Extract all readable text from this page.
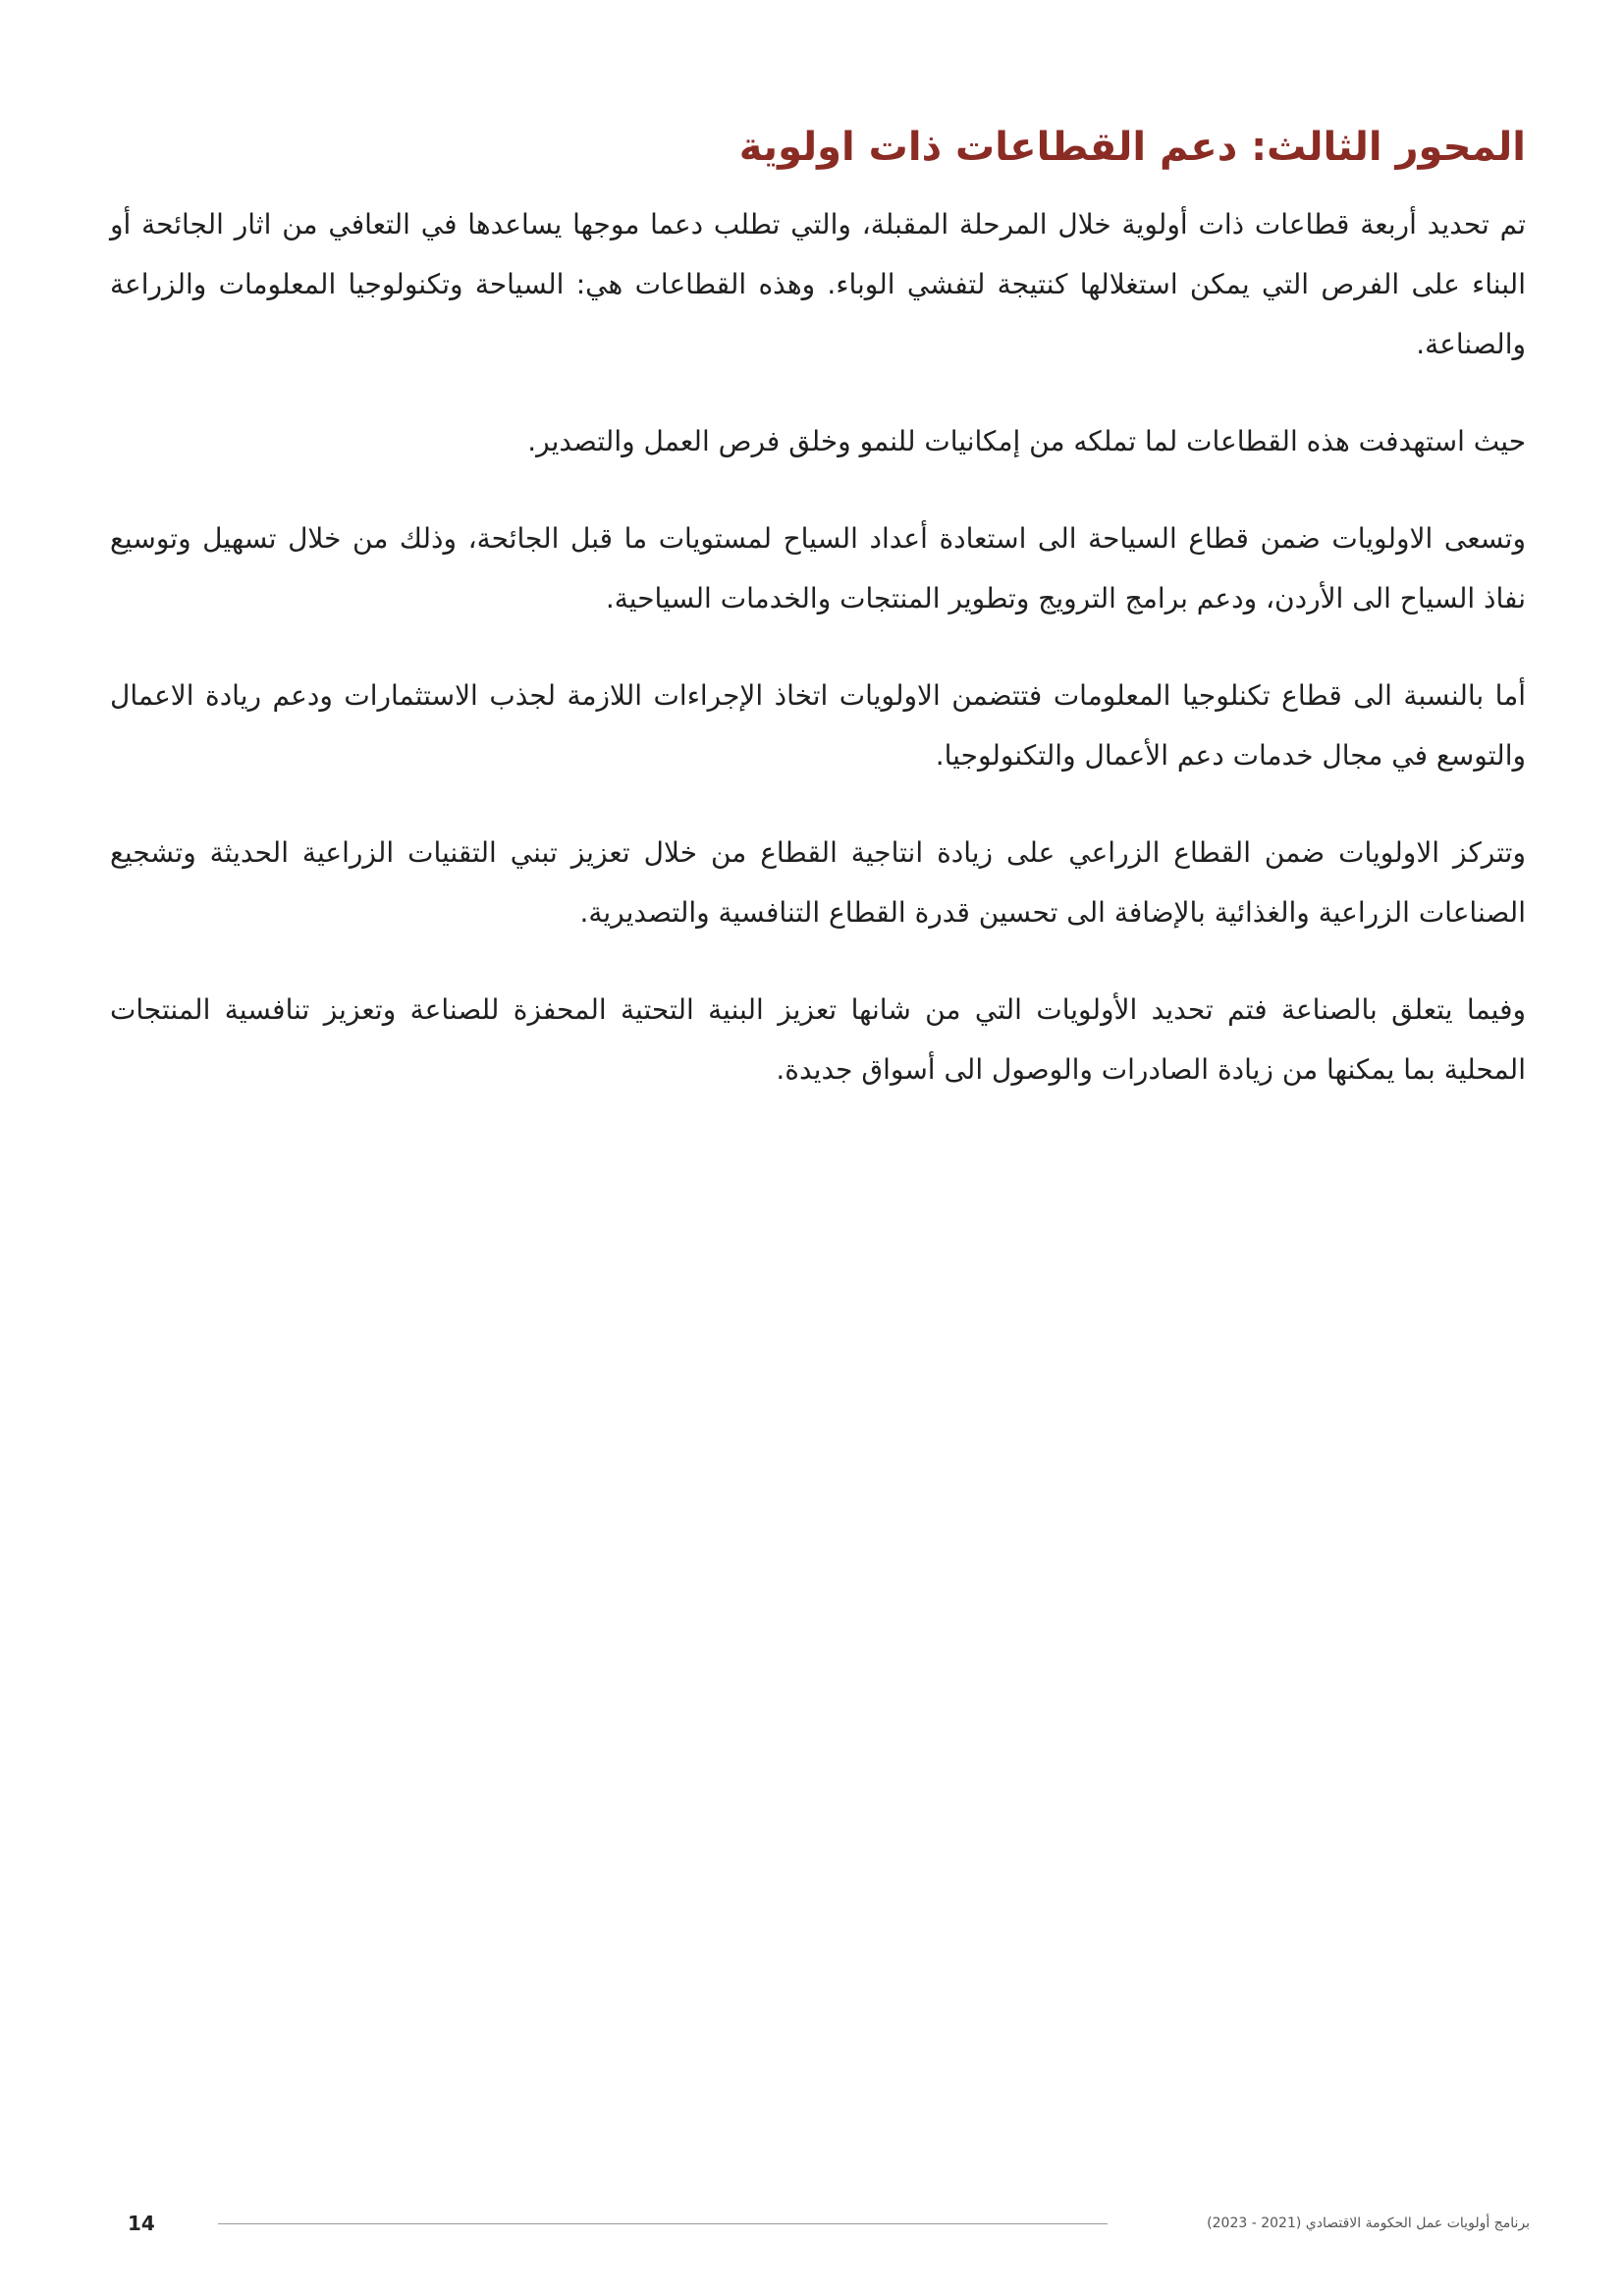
المحور الثالث: دعم القطاعات ذات اولوية

تم تحديد أربعة قطاعات ذات أولوية خلال المرحلة المقبلة، والتي تطلب دعما موجها يساعدها في التعافي من اثار الجائحة أو البناء على الفرص التي يمكن استغلالها كنتيجة لتفشي الوباء. وهذه القطاعات هي: السياحة وتكنولوجيا المعلومات والزراعة والصناعة.

حيث استهدفت هذه القطاعات لما تملكه من إمكانيات للنمو وخلق فرص العمل والتصدير.

وتسعى الاولويات ضمن قطاع السياحة الى استعادة أعداد السياح لمستويات ما قبل الجائحة، وذلك من خلال تسهيل وتوسيع نفاذ السياح الى الأردن، ودعم برامج الترويج وتطوير المنتجات والخدمات السياحية.

أما بالنسبة الى قطاع تكنلوجيا المعلومات فتتضمن الاولويات اتخاذ الإجراءات اللازمة لجذب الاستثمارات ودعم ريادة الاعمال والتوسع في مجال خدمات دعم الأعمال والتكنولوجيا.

وتتركز الاولويات ضمن القطاع الزراعي على زيادة انتاجية القطاع من خلال تعزيز تبني التقنيات الزراعية الحديثة وتشجيع الصناعات الزراعية والغذائية بالإضافة الى تحسين قدرة القطاع التنافسية والتصديرية.

وفيما يتعلق بالصناعة فتم تحديد الأولويات التي من شانها تعزيز البنية التحتية المحفزة للصناعة وتعزيز تنافسية المنتجات المحلية بما يمكنها من زيادة الصادرات والوصول الى أسواق جديدة.

14	برنامج أولويات عمل الحكومة الاقتصادي (2021 - 2023)
